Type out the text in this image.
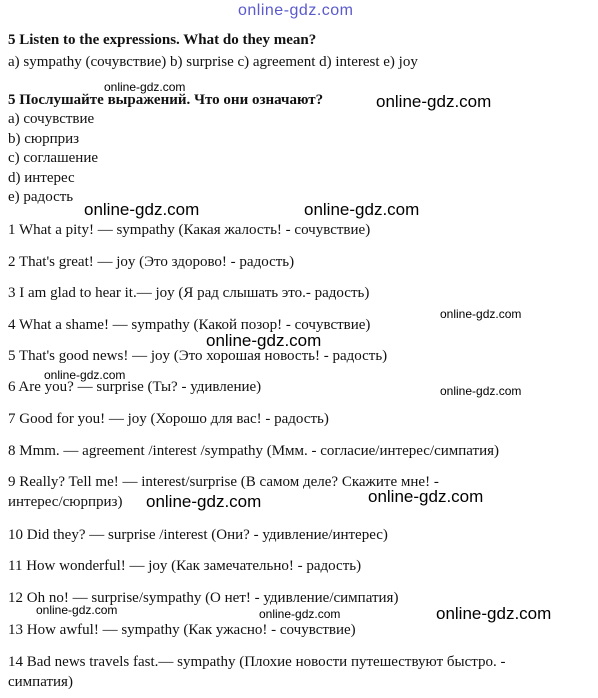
online-gdz.com
5 Listen to the expressions. What do they mean?
a) sympathy (сочувствие) b) surprise c) agreement d) interest e) joy
5 Послушайте выражений. Что они означают?
a) сочувствие
b) сюрприз
c) соглашение
d) интерес
e) радость
1 What a pity! — sympathy (Какая жалость! - сочувствие)
2 That's great! — joy (Это здорово! - радость)
3 I am glad to hear it.— joy (Я рад слышать это.- радость)
4 What a shame! — sympathy (Какой позор! - сочувствие)
5 That's good news! — joy (Это хорошая новость! - радость)
6 Are you? — surprise (Ты? - удивление)
7 Good for you! — joy (Хорошо для вас! - радость)
8 Mmm. — agreement /interest /sympathy (Ммм. - согласие/интерес/симпатия)
9 Really? Tell me! — interest/surprise (В самом деле? Скажите мне! -
интерес/сюрприз)
10 Did they? — surprise /interest (Они? - удивление/интерес)
11 How wonderful! — joy (Как замечательно! - радость)
12 Oh no! — surprise/sympathy (О нет! - удивление/симпатия)
13 How awful! — sympathy (Как ужасно! - сочувствие)
14 Bad news travels fast.— sympathy (Плохие новости путешествуют быстро. -
симпатия)
online-gdz.com
online-gdz.com
online-gdz.com	online-gdz.com
online-gdz.com
online-gdz.com
online-gdz.com
online-gdz.com
online-gdz.com	online-gdz.com
online-gdz.com	online-gdz.com	online-gdz.com
